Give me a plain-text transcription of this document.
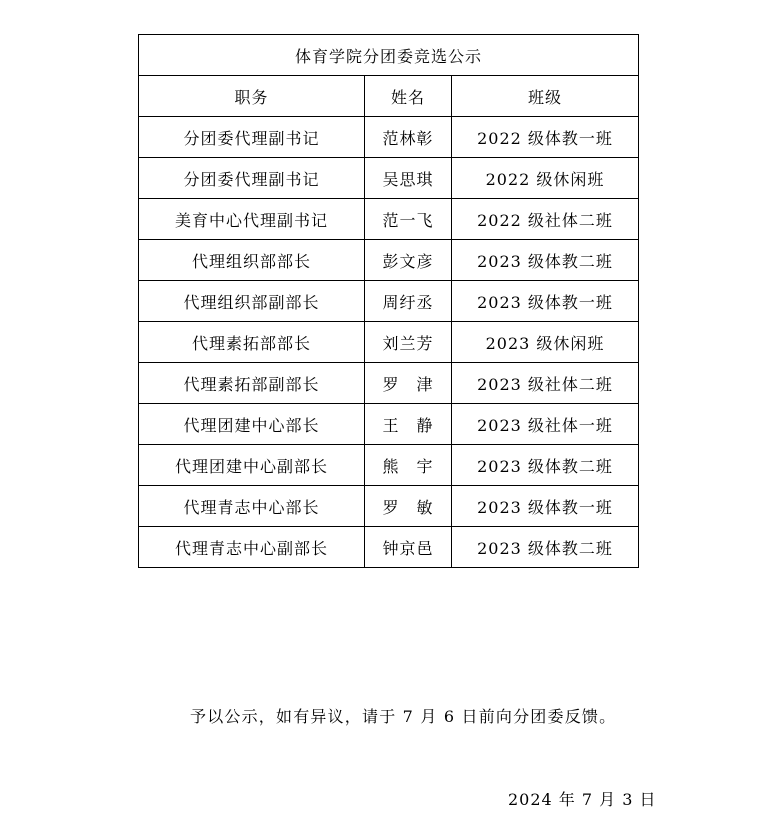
体育学院分团委竞选公示		
职务	姓名	班级
分团委代理副书记	范林彰	2022 级体教一班
分团委代理副书记	吴思琪	2022 级休闲班
美育中心代理副书记	范一飞	2022 级社体二班
代理组织部部长	彭文彦	2023 级体教二班
代理组织部副部长	周纡丞	2023 级体教一班
代理素拓部部长	刘兰芳	2023 级休闲班
代理素拓部副部长	罗　津	2023 级社体二班
代理团建中心部长	王　静	2023 级社体一班
代理团建中心副部长	熊　宇	2023 级体教二班
代理青志中心部长	罗　敏	2023 级体教一班
代理青志中心副部长	钟京邑	2023 级体教二班
予以公示，如有异议，请于 7 月 6 日前向分团委反馈。
2024 年 7 月 3 日
